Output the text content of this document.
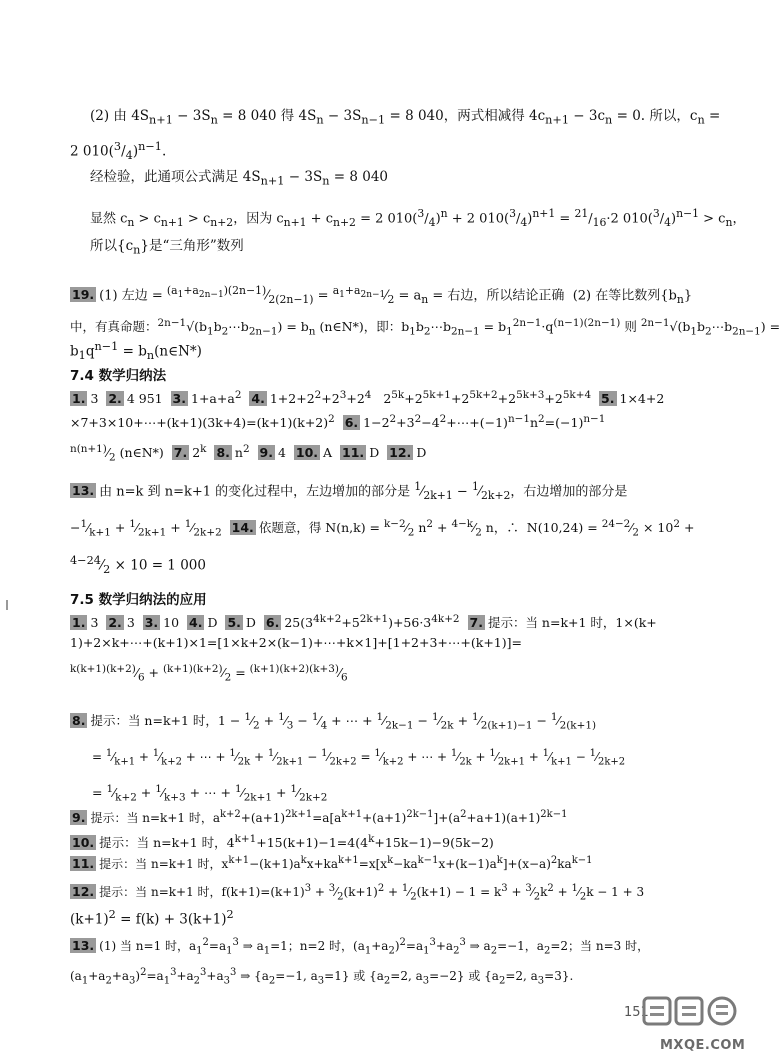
(2) 由 $4S_{n+1} - 3S_n = 8$ 040 得 $4S_n - 3S_{n-1} = 8$ 040，两式相减得 $4c_{n+1} - 3c_n = 0$. 所以，$c_n$ =
2 $010(^3/_4)^{n-1}$.
经检验，此通项公式满足 $4S_{n+1} - 3S_n = 8$ 040
显然 $c_n > c_{n+1} > c_{n+2}$，因为 $c_{n+1} + c_{n+2} = 2$ $010(^3/_4)^n + 2$ $010(^3/_4)^{n+1} = ^{21}/_{16}\cdot 2$ $010(^3/_4)^{n-1} > c_n$，
所以$\{c_n\}$是“三角形”数列
19. (1) 左边 = $^{(a_1+a_{2n-1})(2n-1)}⁄_{2(2n-1)}$ = $^{a_1+a_{2n-1}}⁄_2 = a_n$ = 右边，所以结论正确  (2) 在等比数列$\{b_n\}$
中，有真命题：$^{2n-1}√(b_1b_2\cdots b_{2n-1}) = b_n$ (n∈N*)，即：$b_1b_2\cdots b_{2n-1} = b_1^{2n-1}\cdot q^{(n-1)(2n-1)}$ 则 $^{2n-1}√(b_1b_2\cdots b_{2n-1})$ =
$b_1q^{n-1}$ = $b_n(n\in N*)$
7.4 数学归纳法
1. 3  2. 4 951  3. $1+a+a^2$ 4. $1+2+2^2+2^3+2^4$   $2^{5k}+2^{5k+1}+2^{5k+2}+2^{5k+3}+2^{5k+4}$ 5. 1×4+2
$\times 7+3\times 10+\cdots+(k+1)(3k+4)=(k+1)(k+2)^2$ 6. $1-2^2+3^2-4^2+\cdots+(-1)^{n-1}n^2=(-1)^{n-1}$
$^{n(n+1)}⁄_2$ (n∈N*)  7. 2$^k$ 8. $n^2$ 9. 4  10. A  11. D  12. D
13. 由 n=k 到 n=k+1 的变化过程中，左边增加的部分是 $^1⁄_{2k+1}$ − $^1⁄_{2k+2}$，右边增加的部分是
$-^1⁄_{k+1}$ + $^1⁄_{2k+1}$ + $^1⁄_{2k+2}$ 14. 依题意，得 $N(n,k) = ^{k-2}⁄_2$ $n^2$ + $^{4-k}⁄_2$ n，∴  $N(10,24) = ^{24-2}⁄_2 \times 10^2$ +
$^{4-24}⁄_2 \times 10 = 1$ 000
7.5 数学归纳法的应用
1. 3  2. 3  3. 10  4. D  5. D  6. $25(3^{4k+2}+5^{2k+1})+56\cdot 3^{4k+2}$ 7. 提示：当 n=k+1 时，1×(k+
1)+2×k+⋯+(k+1)×1=[1×k+2×(k−1)+⋯+k×1]+[1+2+3+⋯+(k+1)]=
$^{k(k+1)(k+2)}⁄_6$ + $^{(k+1)(k+2)}⁄_2$ = $^{(k+1)(k+2)(k+3)}⁄_6$
8. 提示：当 n=k+1 时，$1 - ^1⁄_2$ + $^1⁄_3$ − $^1⁄_4$ + ⋯ + $^1⁄_{2k-1}$ − $^1⁄_{2k}$ + $^1⁄_{2(k+1)-1}$ − $^1⁄_{2(k+1)}$
= $^1⁄_{k+1}$ + $^1⁄_{k+2}$ + ⋯ + $^1⁄_{2k}$ + $^1⁄_{2k+1}$ − $^1⁄_{2k+2}$ = $^1⁄_{k+2}$ + ⋯ + $^1⁄_{2k}$ + $^1⁄_{2k+1}$ + $^1⁄_{k+1}$ − $^1⁄_{2k+2}$
= $^1⁄_{k+2}$ + $^1⁄_{k+3}$ + ⋯ + $^1⁄_{2k+1}$ + $^1⁄_{2k+2}$
9. 提示：当 n=k+1 时，$a^{k+2}+(a+1)^{2k+1}=a[a^{k+1}+(a+1)^{2k-1}]+(a^2+a+1)(a+1)^{2k-1}$
10. 提示：当 n=k+1 时，$4^{k+1}+15(k+1)-1=4(4^k+15k-1)-9(5k-2)$
11. 提示：当 n=k+1 时，$x^{k+1}-(k+1)a^kx+ka^{k+1}=x[x^k-ka^{k-1}x+(k-1)a^k]+(x-a)^2ka^{k-1}$
12. 提示：当 n=k+1 时，$f(k+1)=(k+1)^3$ + $^3⁄_2(k+1)^2$ + $^1⁄_2(k+1) - 1 = k^3$ + $^3⁄_2k^2$ + $^1⁄_2k - 1 + 3$
$(k+1)^2 = f(k) + 3(k+1)^2$
13. (1) 当 n=1 时，$a_1^2=a_1^3$ ⇒ $a_1=1$；n=2 时，$(a_1+a_2)^2=a_1^3+a_2^3$ ⇒ $a_2=-1$，$a_2=2$；当 n=3 时，
$(a_1+a_2+a_3)^2=a_1^3+a_2^3+a_3^3$ ⇒ {$a_2=-1$, $a_3=1$} 或 {$a_2=2$, $a_3=-2$} 或 {$a_2=2$, $a_3=3$}.
151
MXQE.COM
